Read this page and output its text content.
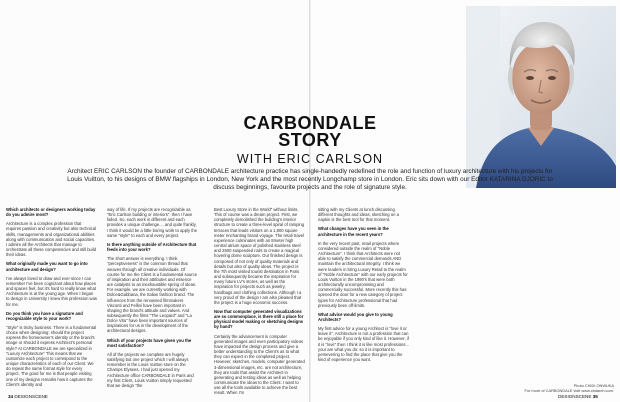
CARBONDALE
STORY
WITH ERIC CARLSON
Architect ERIC CARLSON the founder of CARBONDALE architecture practice has single-handedly redefined the role and function of luxury architecture with his projects for Louis Vuitton, to his designs of BMW flagships in London, New York and the most recently Longchamp store in London. Eric sits down with our Editor KATARINA DJORIC to discuss beginnings, favourite projects and the role of signature style.

Which architects or designers working today do you admire most?

Architecture is a complex profession that requires passion and creativity but also technical skills, managements and organizational abilities along with communication and social capacities. I admire all the Architects that manage to orchestrate all these competencies and still build their ideas.

What originally made you want to go into architecture and design?

I've always loved to draw and ever since I can remember I've been cognizant about how places and spaces feel, but it's hard to really know what Architecture is at the young age. When I began to design in University I knew this profession was for me.

Do you think you have a signature and recognizable style to your work?

"Style" is tricky business. There is a fundamental choice when designing: should the project express the homeowner's identity or the brand's image or should it express Architect's personal style? At CARBONDALE we are specialized in "Luxury Architecture" This means that we customize each project to correspond to the unique characteristics of each of our Client. We do repeat the same format style for every project. The good for me is that people visiting one of my designs remarks how it captures the Client's identity and

way of life. If my projects are recognizable as "Eric Carlson building or interiors", then I have failed. So, each work is different and each provides a unique challenge.... and quite frankly, I think it would be a little boring work to apply the same "style" to each and every project.

Is there anything outside of Architecture that feeds into your work?

The short answer is everything. I think "perceptiveness" is the common thread that weaves through all creative individuals. Of course for me the Client is a fundamental source of inspiration and their attributes and essence are catalysts to an inexhaustible spring of ideas. For example, we are currently working with Dolce&Gabbana, the Italian fashion brand. The influences from the renowned filmmakers Visconti and Fellini have been important in shaping the brand's attitude and values. And subsequently the films "The Leopard" and "La Dolce Vita" have been important sources of inspirations for us in the development of the architectural designs.

Which of your projects have given you the most satisfaction?

All of the projects we complete are hugely satisfying but one project which I will always remember is the Louis Vuitton store on the Champs Elysees. I had just opened my Architecture office CARBONDALE in Paris and my first Client, Louis Vuitton simply requested that we design "the

Best Luxury Store in the World" without limits. This of course was a dream project. First, we completely demolished the building's interior structure to create a three-level spiral of ramping terraces that leads visitors on a 1,800 square meter enchanting brand voyage. The retail travel experience culminates with an 8meter high central atrium space of polished stainless steel and 2500 suspended rods to create a magical hovering dome sculpture. Our finished design is composed of not only of quality materials and details but also of quality ideas. The project is the 7th most visited tourist destination in Paris and subsequently became the inspiration for many future LV's stores, as well as the inspiration for projects such as jewelry, handbags and clothing collections. Although I a very proud of the design I am also pleased that the project is a huge economic success.

Now that computer generated visualizations are so commonplace, is there still a place for physical model making or sketching designs by hand?

Certainly the advancement in computer generated images and even participatory videos have impacted the design process and give a better understanding to the Client's as to what they can expect in the completed project. However, sketches, models, computer generated 3-dimensional images, etc. are not architecture, they are tools that assist the Architect in generating and testing ideas as well as helping communicate the ideas to the Client. I want to use all the tools available to achieve the best result. When I'm

sitting with my Clients at lunch discussing different thoughts and ideas, sketching on a napkin is the best tool for that moment.

What changes have you seen in the architecture in the recent years?

In the very recent past, retail projects where considered outside the realm of "Noble Architecture". I think that Architects were not able to satisfy the commercial demands AND maintain the architectural integrity. I think we were leaders in bring Luxury Retail to the realm of "Noble Architecture" with our early projects for Louis Vuitton in the 1990's that were both architecturally uncompromising and commercially successful. More recently this has opened the door for a new category of project types for Architecture professional that had previously been off-limits.

What advice would you give to young Architects?

My first advice for a young Architect is "love it or leave it". Architecture is not a profession that can be enjoyable if you only kind of like it. However, if it is "love" then I think it is like most professions... your are what you do: so it is important to persevering to find the place that give you the kind of experience you want.

Photo CHIDI ONWUKA
For more of CARBONDALE visit www.cbdarch.com.
34 DESIGNSCENE	DESIGNSCENE 35
